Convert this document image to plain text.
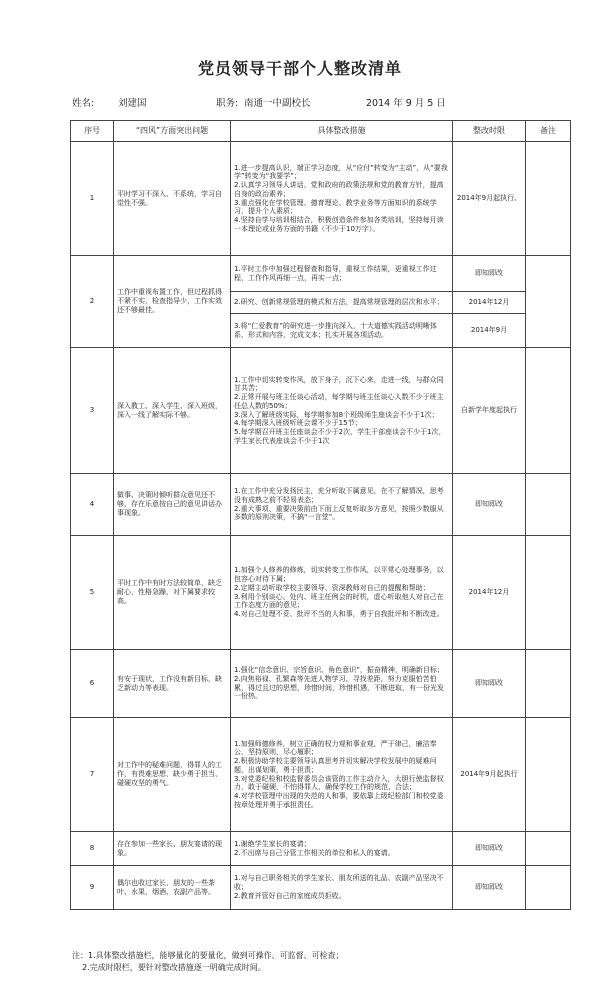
党员领导干部个人整改清单
姓名:	刘建国	职务: 南通一中副校长	2014 年 9 月 5 日
序号	“四风”方面突出问题	具体整改措施	整改时限	备注
1	平时学习不深入、不系统，学习自觉性不强。	1.进一步提高认识，端正学习态度，从“应付”转变为“主动”，从“要我学”转变为“我要学”；
2.认真学习领导人讲话、党和政府的政策法规和党的教育方针，提高自身的政治素养；
3.重点强化在学校管理、德育理论、教学业务等方面知识的系统学习，提升个人素质；
4.坚持自学与培训相结合，积极创造条件参加各类培训，坚持每月读一本理论或业务方面的书籍（不少于10万字）。	2014年9月起执行。	
2	工作中重视布置工作，但过程抓得不紧不实，检查指导少，工作实效还不够最佳。	1.平时工作中加强过程督查和指导，重视工作结果，更重视工作过程，工作作风再细一点，再实一点；	即知即改	
		2.研究、创新常规管理的模式和方法，提高常规管理的层次和水平；	2014年12月	
		3.将“仁爱教育”的研究进一步推向深入，十大道德实践活动明晰体系、形式和内容，完成文本；扎实开展各项活动。	2014年9月	
3	深入教工、深入学生、深入班级，深入一线了解实际不够。	1.工作中切实转变作风，放下身子，沉下心来，走进一线，与群众同甘共苦；
2.正常开展与班主任谈心活动，每学期与班主任谈心人数不少于班主任总人数的50%；
3.深入了解班级实际，每学期参加8个班级师生座谈会不少于1次；
4.每学期深入班级听班会课不少于15节；
5.每学期召开班主任座谈会不少于2次，学生干部座谈会不少于1次，学生家长代表座谈会不少于1次	自新学年度起执行	
4	做事、决策时倾听群众意见还不够，存在乐意按自己的意见讲话办事现象。	1.在工作中充分发扬民主，充分听取下属意见，在不了解情况，思考没有成熟之前不轻易表态；
2.重大事项、重要决策前由下而上反复听取多方意见，按照少数服从多数的原则决策，不搞“一言堂”。	即知即改	
5	平时工作中有时方法较简单，缺乏耐心，性格急躁，对下属要求较高。	1.加强个人修养的修炼，切实转变工作作风，以平常心处理事务，以包容心对待下属；
2.定期主动听取学校主要领导、资深教师对自己的提醒和帮助；
3.利用个别谈心、处内、班主任例会的时机，虚心听取他人对自己在工作态度方面的意见；
4.对自己处理不妥、批评不当的人和事，勇于自我批评和不断改进。	2014年12月	
6	有安于现状，工作没有新目标，缺乏新动力等表现。	1.强化“信念意识、宗旨意识、角色意识”，振奋精神，明确新目标；
2.向焦裕禄、孔繁森等先进人物学习，寻找差距，努力克服怕苦怕累，得过且过的思想，珍惜时间，珍惜机遇，不断进取，有一份光发一份热。	即知即改	
7	对工作中的疑难问题，得罪人的工作，有畏难思想，缺少勇于担当、碰硬攻坚的勇气。	1.加强师德修养，树立正确的权力观和事业观，严于律己，廉洁奉公，坚持原则，尽心履职；
2.积极协助学校主要领导认真思考并切实解决学校发展中的疑难问题，出谋划策，勇于担责；
3.对党委纪检和校监督委员会该管的工作主动介入，大胆行使监督权力，敢于碰硬，不怕得罪人，确保学校工作的规范、合法；
4.对学校管理中出现的失范的人和事，要依靠上级纪检部门和校党委按章处理并勇于承担责任。	2014年9月起执行	
8	存在参加一些家长、朋友宴请的现象。	1.谢绝学生家长的宴请；
2.不出席与自己分管工作相关的单位和私人的宴请。	即知即改	
9	偶尔也收过家长、朋友的一些茶叶、水果、烟酒、农副产品等。	1.对与自己职务相关的学生家长、朋友所送的礼品、农副产品坚决不收；
2.教育并管好自己的家庭成员拒收。	即知即改	
注：1.具体整改措施栏，能够量化的要量化，做到可操作、可监督、可检查；
2.完成时限栏，要针对整改措施逐一明确完成时间。
